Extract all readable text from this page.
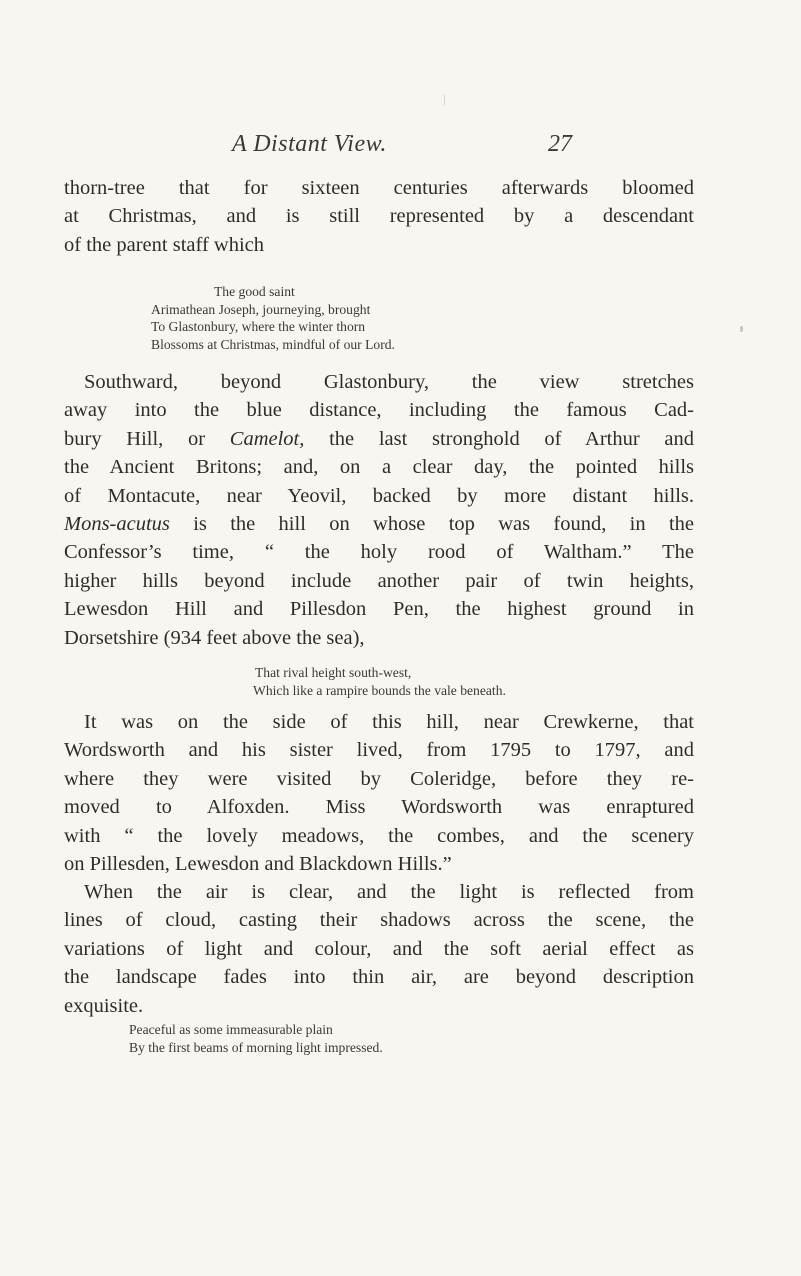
A Distant View.	27
thorn-tree that for sixteen centuries afterwards bloomed
at Christmas, and is still represented by a descendant
of the parent staff which
The good saint
Arimathean Joseph, journeying, brought
To Glastonbury, where the winter thorn
Blossoms at Christmas, mindful of our Lord.
Southward, beyond Glastonbury, the view stretches
away into the blue distance, including the famous Cad-
bury Hill, or Camelot, the last stronghold of Arthur and
the Ancient Britons; and, on a clear day, the pointed hills
of Montacute, near Yeovil, backed by more distant hills.
Mons-acutus is the hill on whose top was found, in the
Confessor’s time, “ the holy rood of Waltham.” The
higher hills beyond include another pair of twin heights,
Lewesdon Hill and Pillesdon Pen, the highest ground in
Dorsetshire (934 feet above the sea),
That rival height south-west,
Which like a rampire bounds the vale beneath.
It was on the side of this hill, near Crewkerne, that
Wordsworth and his sister lived, from 1795 to 1797, and
where they were visited by Coleridge, before they re-
moved to Alfoxden. Miss Wordsworth was enraptured
with “ the lovely meadows, the combes, and the scenery
on Pillesden, Lewesdon and Blackdown Hills.”
When the air is clear, and the light is reflected from
lines of cloud, casting their shadows across the scene, the
variations of light and colour, and the soft aerial effect as
the landscape fades into thin air, are beyond description
exquisite.
Peaceful as some immeasurable plain
By the first beams of morning light impressed.
